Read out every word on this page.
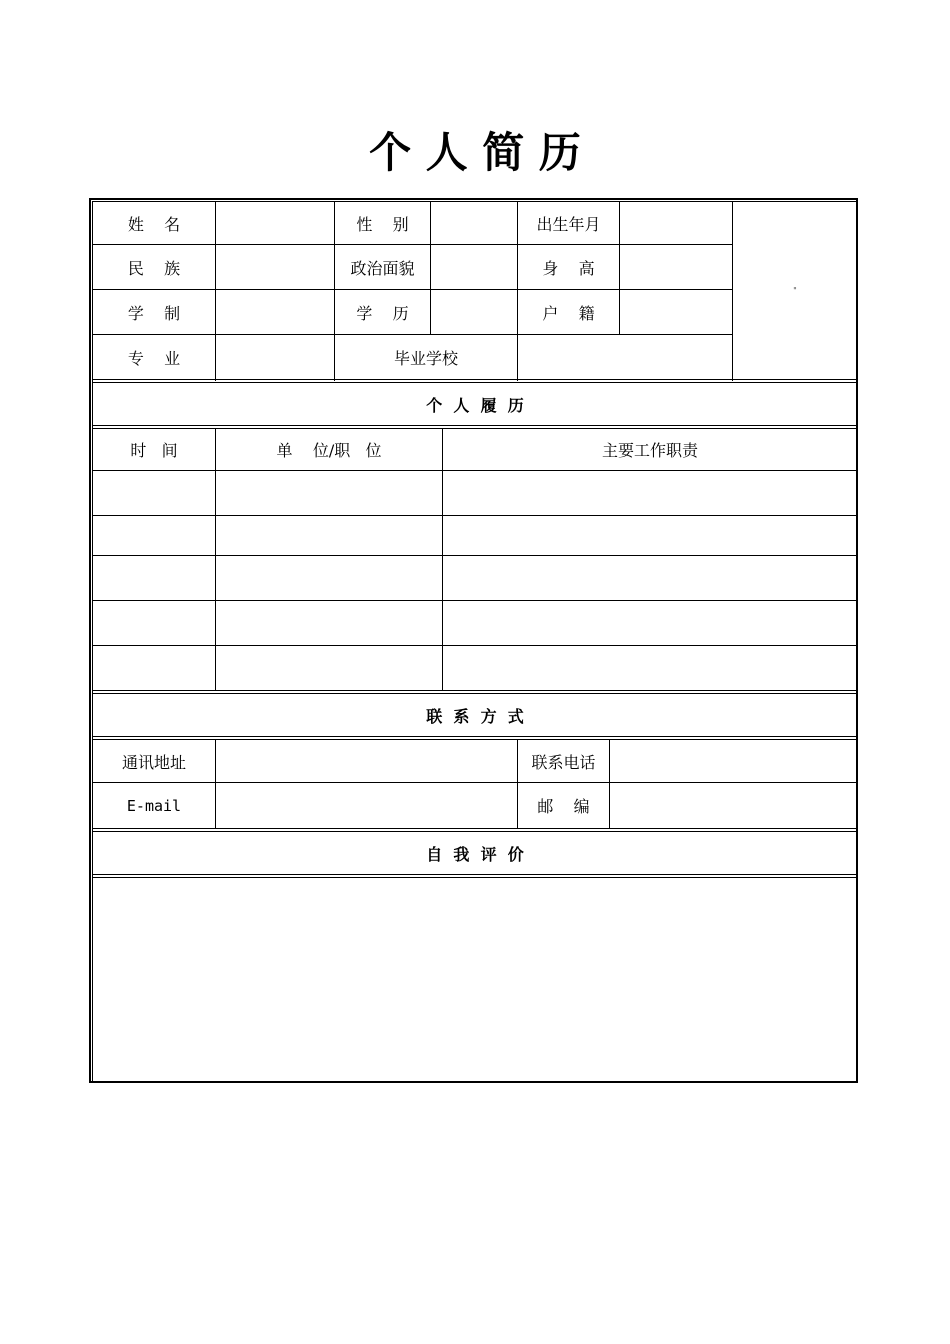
个 人 简 历
姓    名	性    别	出生年月
民    族	政治面貌	身    高
学    制	学    历	户    籍
专    业	毕业学校
"
个  人  履  历
时   间	单    位/职   位	主要工作职责
联  系  方  式
通讯地址	联系电话
E-mail	邮    编
自  我  评  价
